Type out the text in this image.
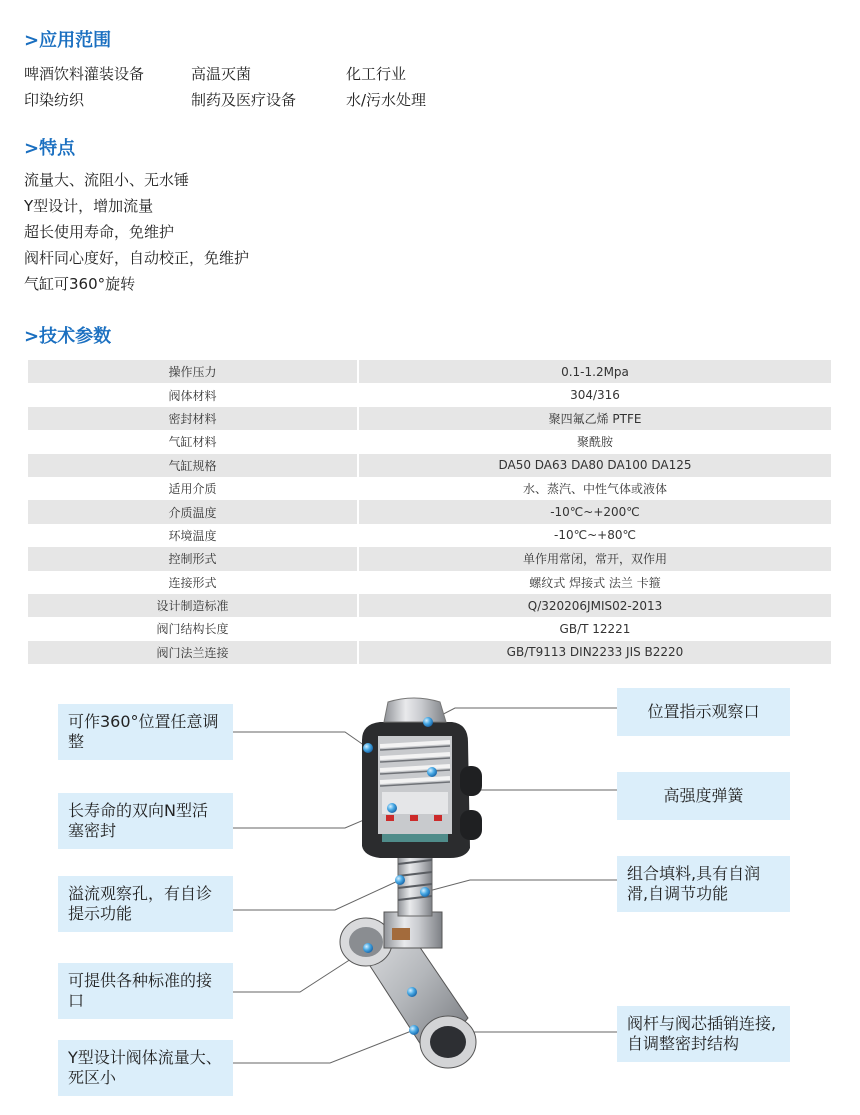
>应用范围
啤酒饮料灌装设备	高温灭菌	化工行业
印染纺织	制药及医疗设备	水/污水处理
>特点
流量大、流阻小、无水锤
Y型设计，增加流量
超长使用寿命，免维护
阀杆同心度好，自动校正，免维护
气缸可360°旋转
>技术参数
操作压力	0.1-1.2Mpa
阀体材料	304/316
密封材料	聚四氟乙烯 PTFE
气缸材料	聚酰胺
气缸规格	DA50 DA63 DA80 DA100 DA125
适用介质	水、蒸汽、中性气体或液体
介质温度	-10℃~+200℃
环境温度	-10℃~+80℃
控制形式	单作用常闭，常开，双作用
连接形式	螺纹式 焊接式 法兰 卡箍
设计制造标准	Q/320206JMIS02-2013
阀门结构长度	GB/T 12221
阀门法兰连接	GB/T9113 DIN2233 JIS B2220
可作360°位置任意调整
长寿命的双向N型活塞密封
溢流观察孔，有自诊提示功能
可提供各种标准的接口
Y型设计阀体流量大、死区小
位置指示观察口
高强度弹簧
组合填料,具有自润滑,自调节功能
阀杆与阀芯插销连接,自调整密封结构
